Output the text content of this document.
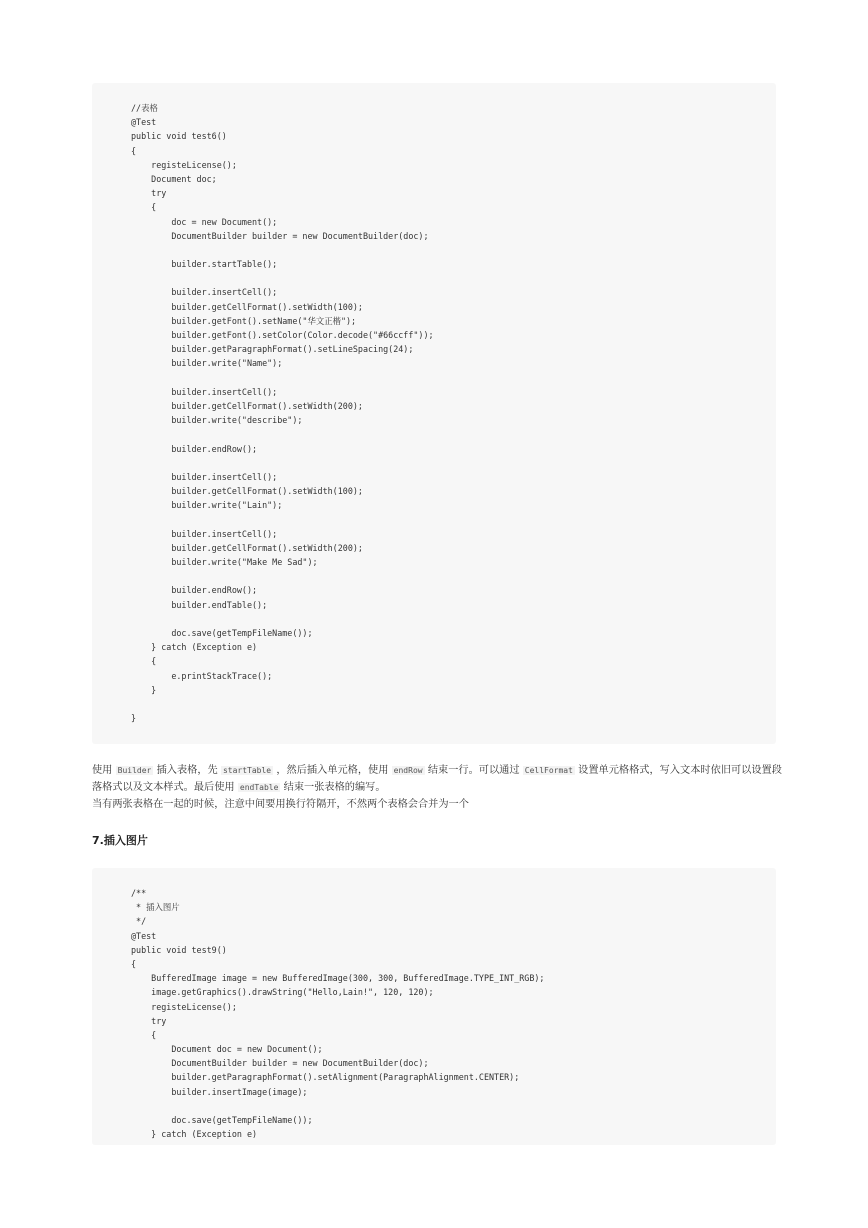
//表格
@Test
public void test6()
{
registeLicense();
Document doc;
try
{
doc = new Document();
DocumentBuilder builder = new DocumentBuilder(doc);
builder.startTable();
builder.insertCell();
builder.getCellFormat().setWidth(100);
builder.getFont().setName("华文正楷");
builder.getFont().setColor(Color.decode("#66ccff"));
builder.getParagraphFormat().setLineSpacing(24);
builder.write("Name");
builder.insertCell();
builder.getCellFormat().setWidth(200);
builder.write("describe");
builder.endRow();
builder.insertCell();
builder.getCellFormat().setWidth(100);
builder.write("Lain");
builder.insertCell();
builder.getCellFormat().setWidth(200);
builder.write("Make Me Sad");
builder.endRow();
builder.endTable();
doc.save(getTempFileName());
} catch (Exception e)
{
e.printStackTrace();
}
}
使用 Builder 插入表格，先 startTable ，然后插入单元格，使用 endRow 结束一行。可以通过 CellFormat 设置单元格格式，写入文本时依旧可以设置段落格式以及文本样式。最后使用 endTable 结束一张表格的编写。
当有两张表格在一起的时候，注意中间要用换行符隔开，不然两个表格会合并为一个
7.插入图片
/**
* 插入图片
*/
@Test
public void test9()
{
BufferedImage image = new BufferedImage(300, 300, BufferedImage.TYPE_INT_RGB);
image.getGraphics().drawString("Hello,Lain!", 120, 120);
registeLicense();
try
{
Document doc = new Document();
DocumentBuilder builder = new DocumentBuilder(doc);
builder.getParagraphFormat().setAlignment(ParagraphAlignment.CENTER);
builder.insertImage(image);
doc.save(getTempFileName());
} catch (Exception e)
